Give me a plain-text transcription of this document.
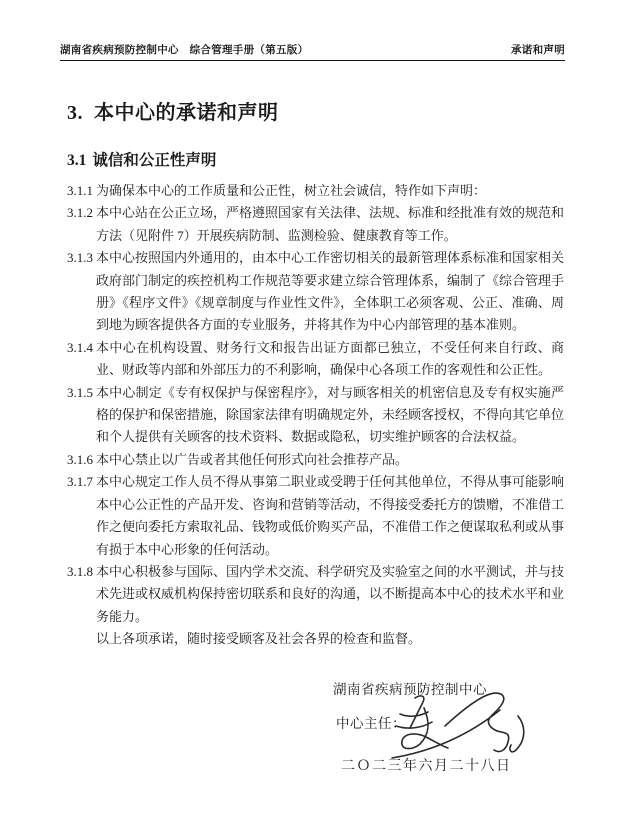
湖南省疾病预防控制中心　综合管理手册（第五版）	承诺和声明
3. 本中心的承诺和声明
3.1 诚信和公正性声明
3.1.1 为确保本中心的工作质量和公正性，树立社会诚信，特作如下声明：
3.1.2 本中心站在公正立场，严格遵照国家有关法律、法规、标准和经批准有效的规范和方法（见附件 7）开展疾病防制、监测检验、健康教育等工作。
3.1.3 本中心按照国内外通用的，由本中心工作密切相关的最新管理体系标准和国家相关政府部门制定的疾控机构工作规范等要求建立综合管理体系，编制了《综合管理手册》《程序文件》《规章制度与作业性文件》，全体职工必须客观、公正、准确、周到地为顾客提供各方面的专业服务，并将其作为中心内部管理的基本准则。
3.1.4 本中心在机构设置、财务行文和报告出证方面都已独立，不受任何来自行政、商业、财政等内部和外部压力的不利影响，确保中心各项工作的客观性和公正性。
3.1.5 本中心制定《专有权保护与保密程序》，对与顾客相关的机密信息及专有权实施严格的保护和保密措施，除国家法律有明确规定外，未经顾客授权，不得向其它单位和个人提供有关顾客的技术资料、数据或隐私，切实维护顾客的合法权益。
3.1.6 本中心禁止以广告或者其他任何形式向社会推荐产品。
3.1.7 本中心规定工作人员不得从事第二职业或受聘于任何其他单位，不得从事可能影响本中心公正性的产品开发、咨询和营销等活动，不得接受委托方的馈赠，不准借工作之便向委托方索取礼品、钱物或低价购买产品，不准借工作之便谋取私利或从事有损于本中心形象的任何活动。
3.1.8 本中心积极参与国际、国内学术交流、科学研究及实验室之间的水平测试，并与技术先进或权威机构保持密切联系和良好的沟通，以不断提高本中心的技术水平和业务能力。
以上各项承诺，随时接受顾客及社会各界的检查和监督。
湖南省疾病预防控制中心
中心主任：
二Ｏ二三年六月二十八日
